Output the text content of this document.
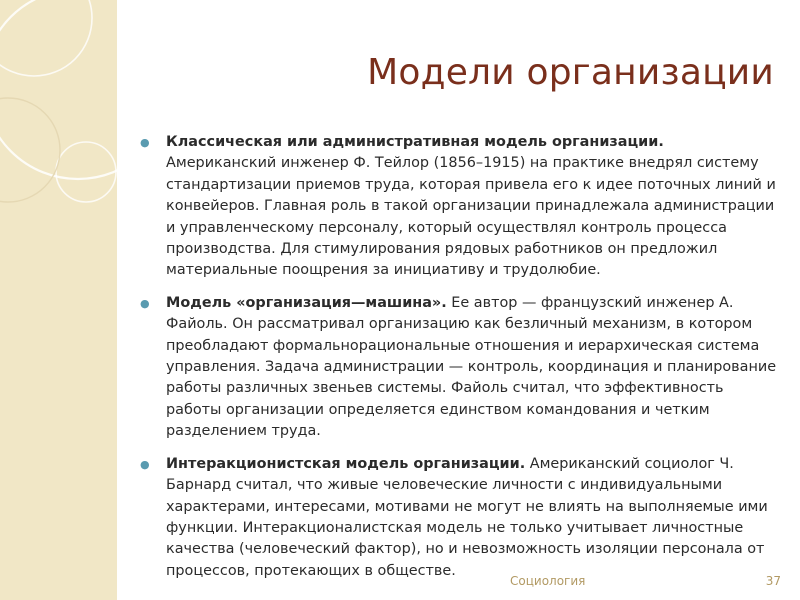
Модели организации
●	Классическая или административная модель организации. Американский инженер Ф. Тейлор (1856–1915) на практике внедрял систему стандартизации приемов труда, которая привела его к идее поточных линий и конвейеров. Главная роль в такой организации принадлежала администрации и управленческому персоналу, который осуществлял контроль процесса производства. Для стимулирования рядовых работников он предложил материальные поощрения за инициативу и трудолюбие.
●	Модель «организация—машина». Ее автор — французский инженер А. Файоль. Он рассматривал организацию как безличный механизм, в котором преобладают формальнорациональные отношения и иерархическая система управления. Задача администрации — контроль, координация и планирование работы различных звеньев системы. Файоль считал, что эффективность работы организации определяется единством командования и четким разделением труда.
●	Интеракционистская модель организации. Американский социолог Ч. Барнард считал, что живые человеческие личности с индивидуальными характерами, интересами, мотивами не могут не влиять на выполняемые ими функции. Интеракционалистская модель не только учитывает личностные качества (человеческий фактор), но и невозможность изоляции персонала от процессов, протекающих в обществе.
Социология	37
